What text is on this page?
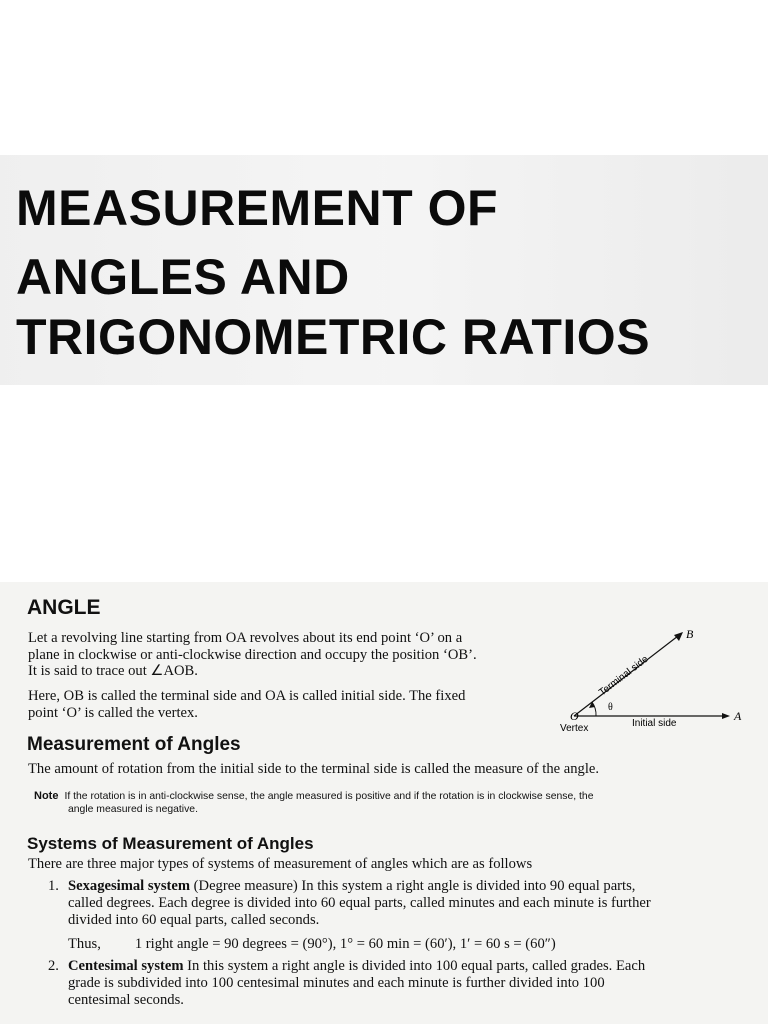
MEASUREMENT OF
ANGLES AND
TRIGONOMETRIC RATIOS
ANGLE
Let a revolving line starting from OA revolves about its end point ‘O’ on a
plane in clockwise or anti-clockwise direction and occupy the position ‘OB’.
It is said to trace out ∠AOB.
Here, OB is called the terminal side and OA is called initial side. The fixed
point ‘O’ is called the vertex.
B
A
O
Vertex
θ
Initial side
Terminal side
Measurement of Angles
The amount of rotation from the initial side to the terminal side is called the measure of the angle.
Note If the rotation is in anti-clockwise sense, the angle measured is positive and if the rotation is in clockwise sense, the
angle measured is negative.
Systems of Measurement of Angles
There are three major types of systems of measurement of angles which are as follows
1. Sexagesimal system (Degree measure) In this system a right angle is divided into 90 equal parts,
called degrees. Each degree is divided into 60 equal parts, called minutes and each minute is further
divided into 60 equal parts, called seconds.
Thus, 1 right angle = 90 degrees = (90°), 1° = 60 min = (60′), 1′ = 60 s = (60″)
2. Centesimal system In this system a right angle is divided into 100 equal parts, called grades. Each
grade is subdivided into 100 centesimal minutes and each minute is further divided into 100
centesimal seconds.
